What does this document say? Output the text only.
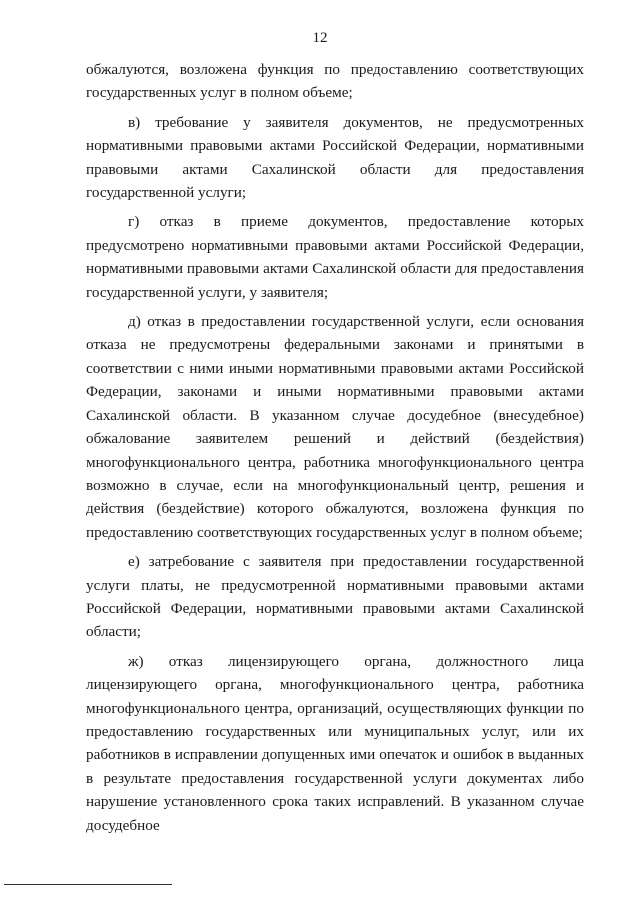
12

обжалуются, возложена функция по предоставлению соответствующих государственных услуг в полном объеме;

в) требование у заявителя документов, не предусмотренных нормативными правовыми актами Российской Федерации, нормативными правовыми актами Сахалинской области для предоставления государственной услуги;

г) отказ в приеме документов, предоставление которых предусмотрено нормативными правовыми актами Российской Федерации, нормативными правовыми актами Сахалинской области для предоставления государственной услуги, у заявителя;

д) отказ в предоставлении государственной услуги, если основания отказа не предусмотрены федеральными законами и принятыми в соответствии с ними иными нормативными правовыми актами Российской Федерации, законами и иными нормативными правовыми актами Сахалинской области. В указанном случае досудебное (внесудебное) обжалование заявителем решений и действий (бездействия) многофункционального центра, работника многофункционального центра возможно в случае, если на многофункциональный центр, решения и действия (бездействие) которого обжалуются, возложена функция по предоставлению соответствующих государственных услуг в полном объеме;

е) затребование с заявителя при предоставлении государственной услуги платы, не предусмотренной нормативными правовыми актами Российской Федерации, нормативными правовыми актами Сахалинской области;

ж) отказ лицензирующего органа, должностного лица лицензирующего органа, многофункционального центра, работника многофункционального центра, организаций, осуществляющих функции по предоставлению государственных или муниципальных услуг, или их работников в исправлении допущенных ими опечаток и ошибок в выданных в результате предоставления государственной услуги документах либо нарушение установленного срока таких исправлений. В указанном случае досудебное
